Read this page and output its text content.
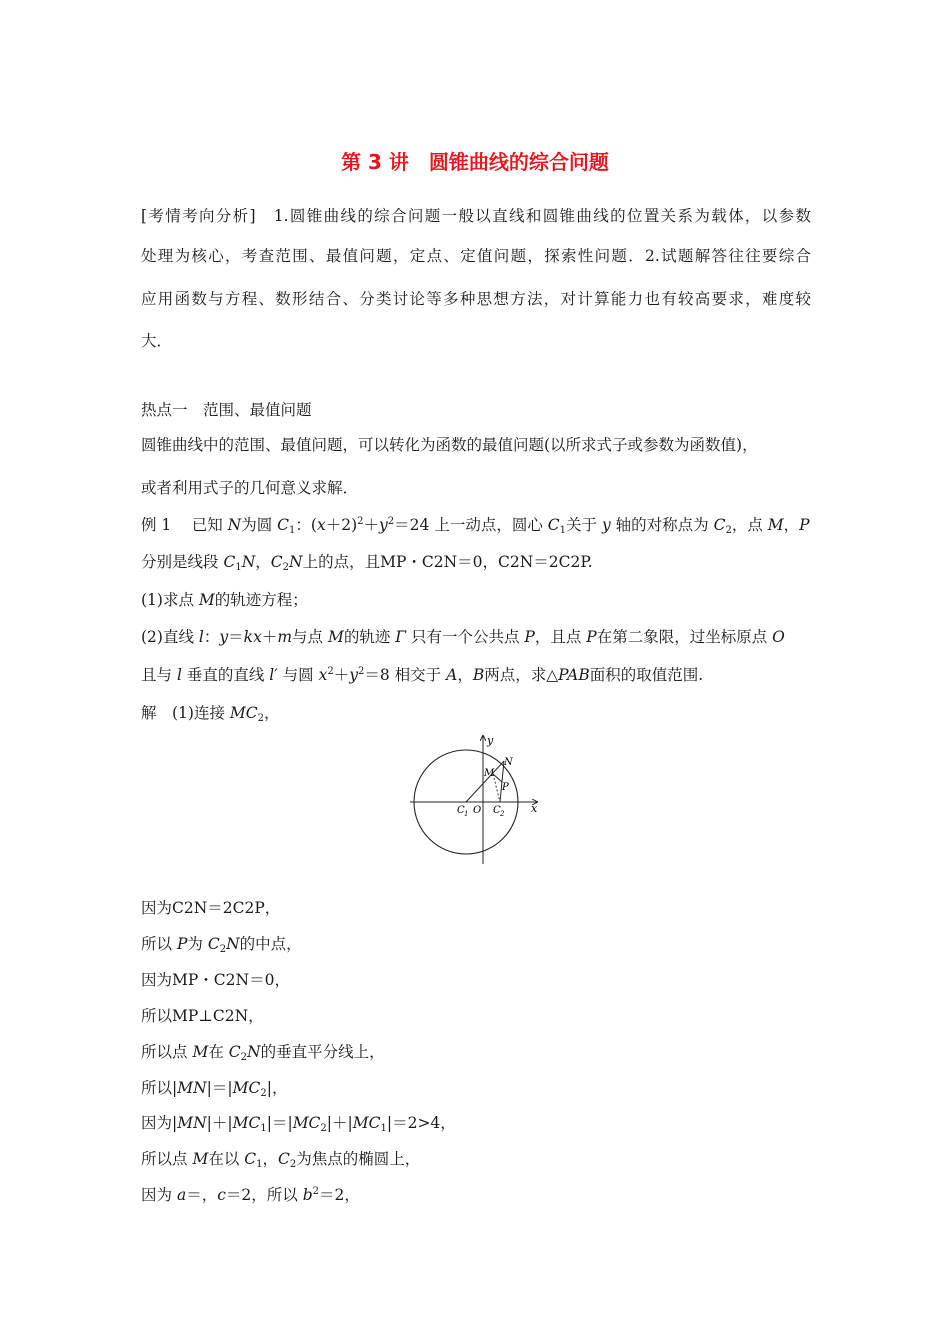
第 3 讲　圆锥曲线的综合问题
[考情考向分析]　1.圆锥曲线的综合问题一般以直线和圆锥曲线的位置关系为载体，以参数
处理为核心，考查范围、最值问题，定点、定值问题，探索性问题．2.试题解答往往要综合
应用函数与方程、数形结合、分类讨论等多种思想方法，对计算能力也有较高要求，难度较
大．
热点一　范围、最值问题
圆锥曲线中的范围、最值问题，可以转化为函数的最值问题(以所求式子或参数为函数值)，
或者利用式子的几何意义求解．
例 1　 已知 N为圆 $C_1$：$(x+2)^2+y^2=24$ 上一动点，圆心 $C_1$关于 y 轴的对称点为 $C_2$，点 M，P
分别是线段 $C_1N$，$C_2N$上的点，且MP・C2N＝0，C2N＝2C2P.
(1)求点 M的轨迹方程；
(2)直线 l：y＝kx＋m与点 M的轨迹 Γ 只有一个公共点 P，且点 P在第二象限，过坐标原点 O
且与 l 垂直的直线 l′ 与圆 $x^2+y^2=8$ 相交于 A，B两点，求△PAB面积的取值范围.
解　(1)连接 $MC_2$，
y
x
N
M
P
O
C 1 C 2
因为C2N＝2C2P，
所以 P为 $C_2N$的中点，
因为MP・C2N＝0，
所以MP⊥C2N，
所以点 M在 $C_2N$的垂直平分线上，
所以$|MN|=|MC_2|$，
因为$|MN|+|MC_1|=|MC_2|+|MC_1|=2>4$，
所以点 M在以 $C_1$，$C_2$为焦点的椭圆上，
因为 a＝，c＝2，所以 $b^2=2$，
